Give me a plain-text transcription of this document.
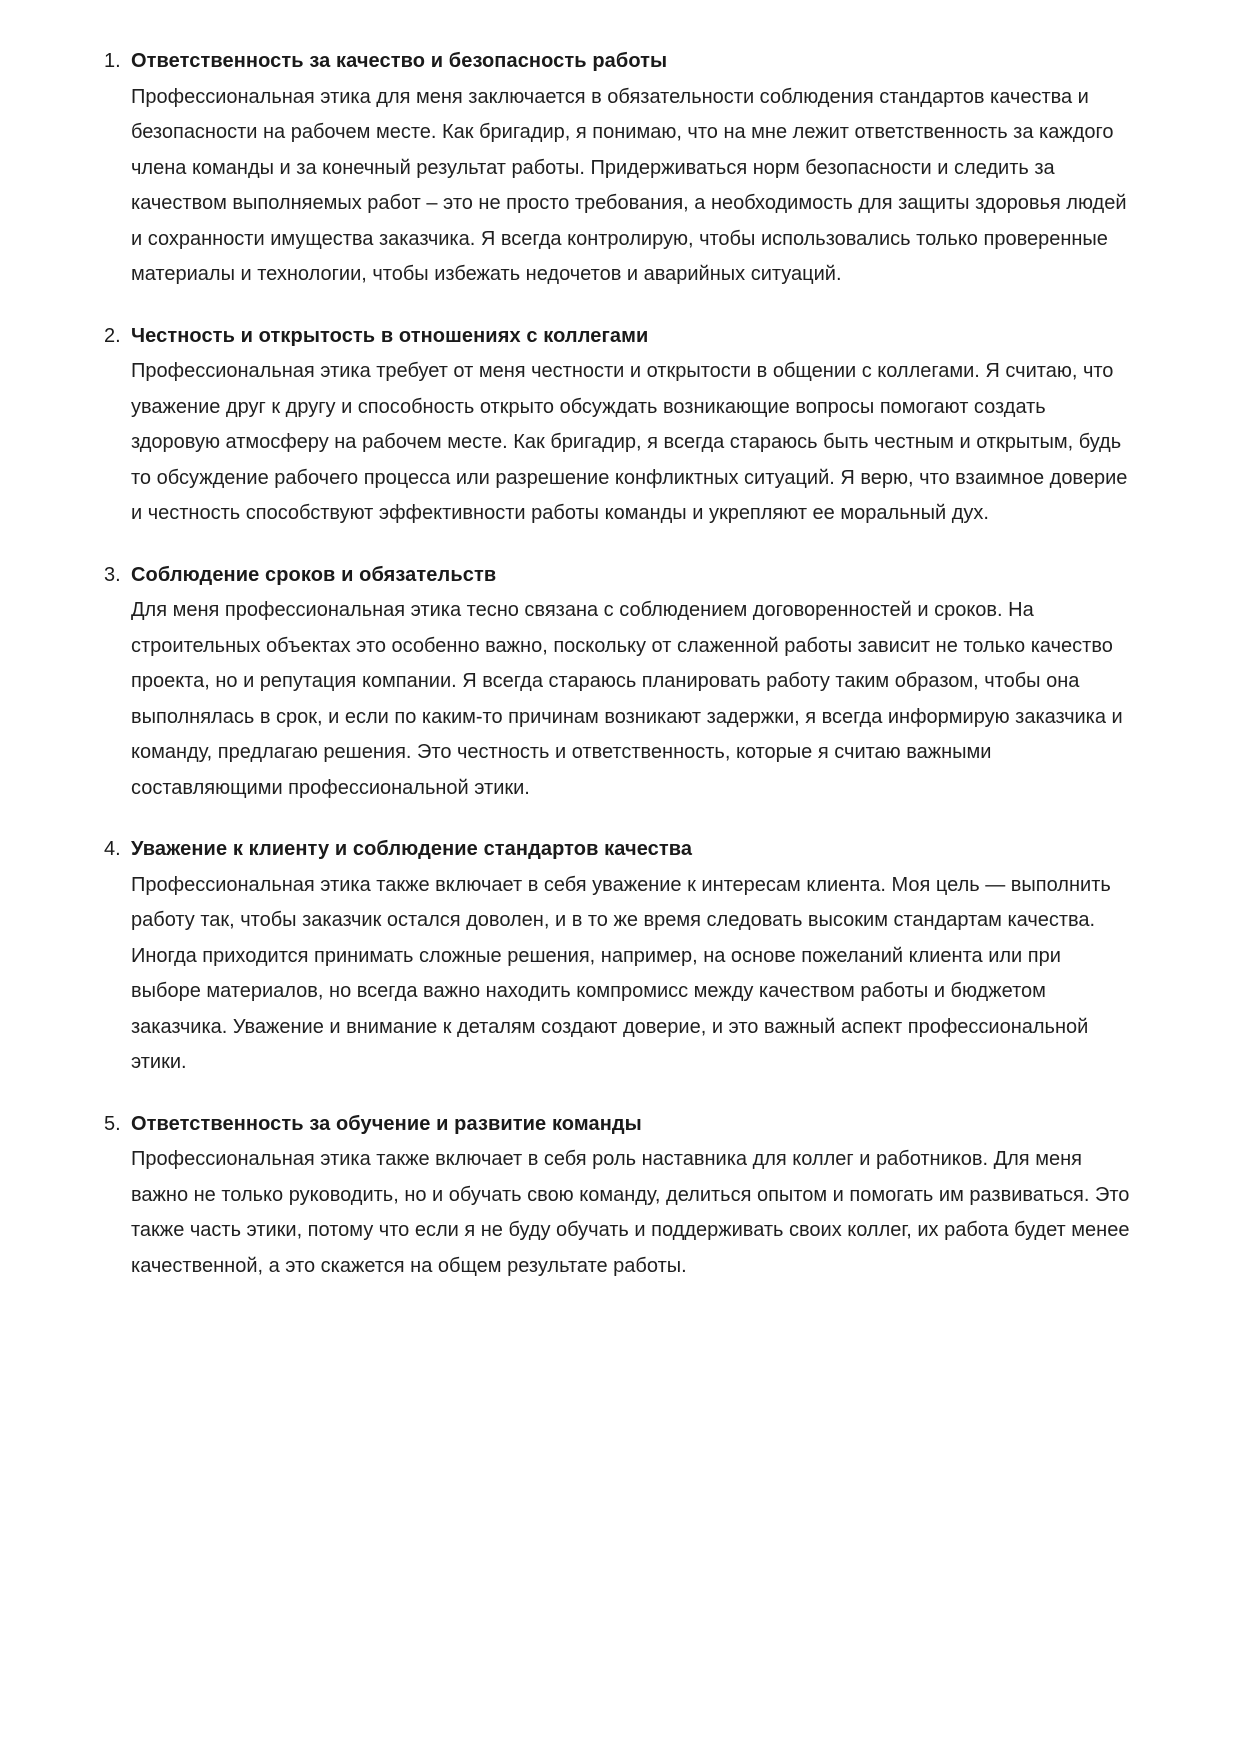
1. Ответственность за качество и безопасность работы
Профессиональная этика для меня заключается в обязательности соблюдения стандартов качества и безопасности на рабочем месте. Как бригадир, я понимаю, что на мне лежит ответственность за каждого члена команды и за конечный результат работы. Придерживаться норм безопасности и следить за качеством выполняемых работ – это не просто требования, а необходимость для защиты здоровья людей и сохранности имущества заказчика. Я всегда контролирую, чтобы использовались только проверенные материалы и технологии, чтобы избежать недочетов и аварийных ситуаций.
2. Честность и открытость в отношениях с коллегами
Профессиональная этика требует от меня честности и открытости в общении с коллегами. Я считаю, что уважение друг к другу и способность открыто обсуждать возникающие вопросы помогают создать здоровую атмосферу на рабочем месте. Как бригадир, я всегда стараюсь быть честным и открытым, будь то обсуждение рабочего процесса или разрешение конфликтных ситуаций. Я верю, что взаимное доверие и честность способствуют эффективности работы команды и укрепляют ее моральный дух.
3. Соблюдение сроков и обязательств
Для меня профессиональная этика тесно связана с соблюдением договоренностей и сроков. На строительных объектах это особенно важно, поскольку от слаженной работы зависит не только качество проекта, но и репутация компании. Я всегда стараюсь планировать работу таким образом, чтобы она выполнялась в срок, и если по каким-то причинам возникают задержки, я всегда информирую заказчика и команду, предлагаю решения. Это честность и ответственность, которые я считаю важными составляющими профессиональной этики.
4. Уважение к клиенту и соблюдение стандартов качества
Профессиональная этика также включает в себя уважение к интересам клиента. Моя цель — выполнить работу так, чтобы заказчик остался доволен, и в то же время следовать высоким стандартам качества. Иногда приходится принимать сложные решения, например, на основе пожеланий клиента или при выборе материалов, но всегда важно находить компромисс между качеством работы и бюджетом заказчика. Уважение и внимание к деталям создают доверие, и это важный аспект профессиональной этики.
5. Ответственность за обучение и развитие команды
Профессиональная этика также включает в себя роль наставника для коллег и работников. Для меня важно не только руководить, но и обучать свою команду, делиться опытом и помогать им развиваться. Это также часть этики, потому что если я не буду обучать и поддерживать своих коллег, их работа будет менее качественной, а это скажется на общем результате работы.
